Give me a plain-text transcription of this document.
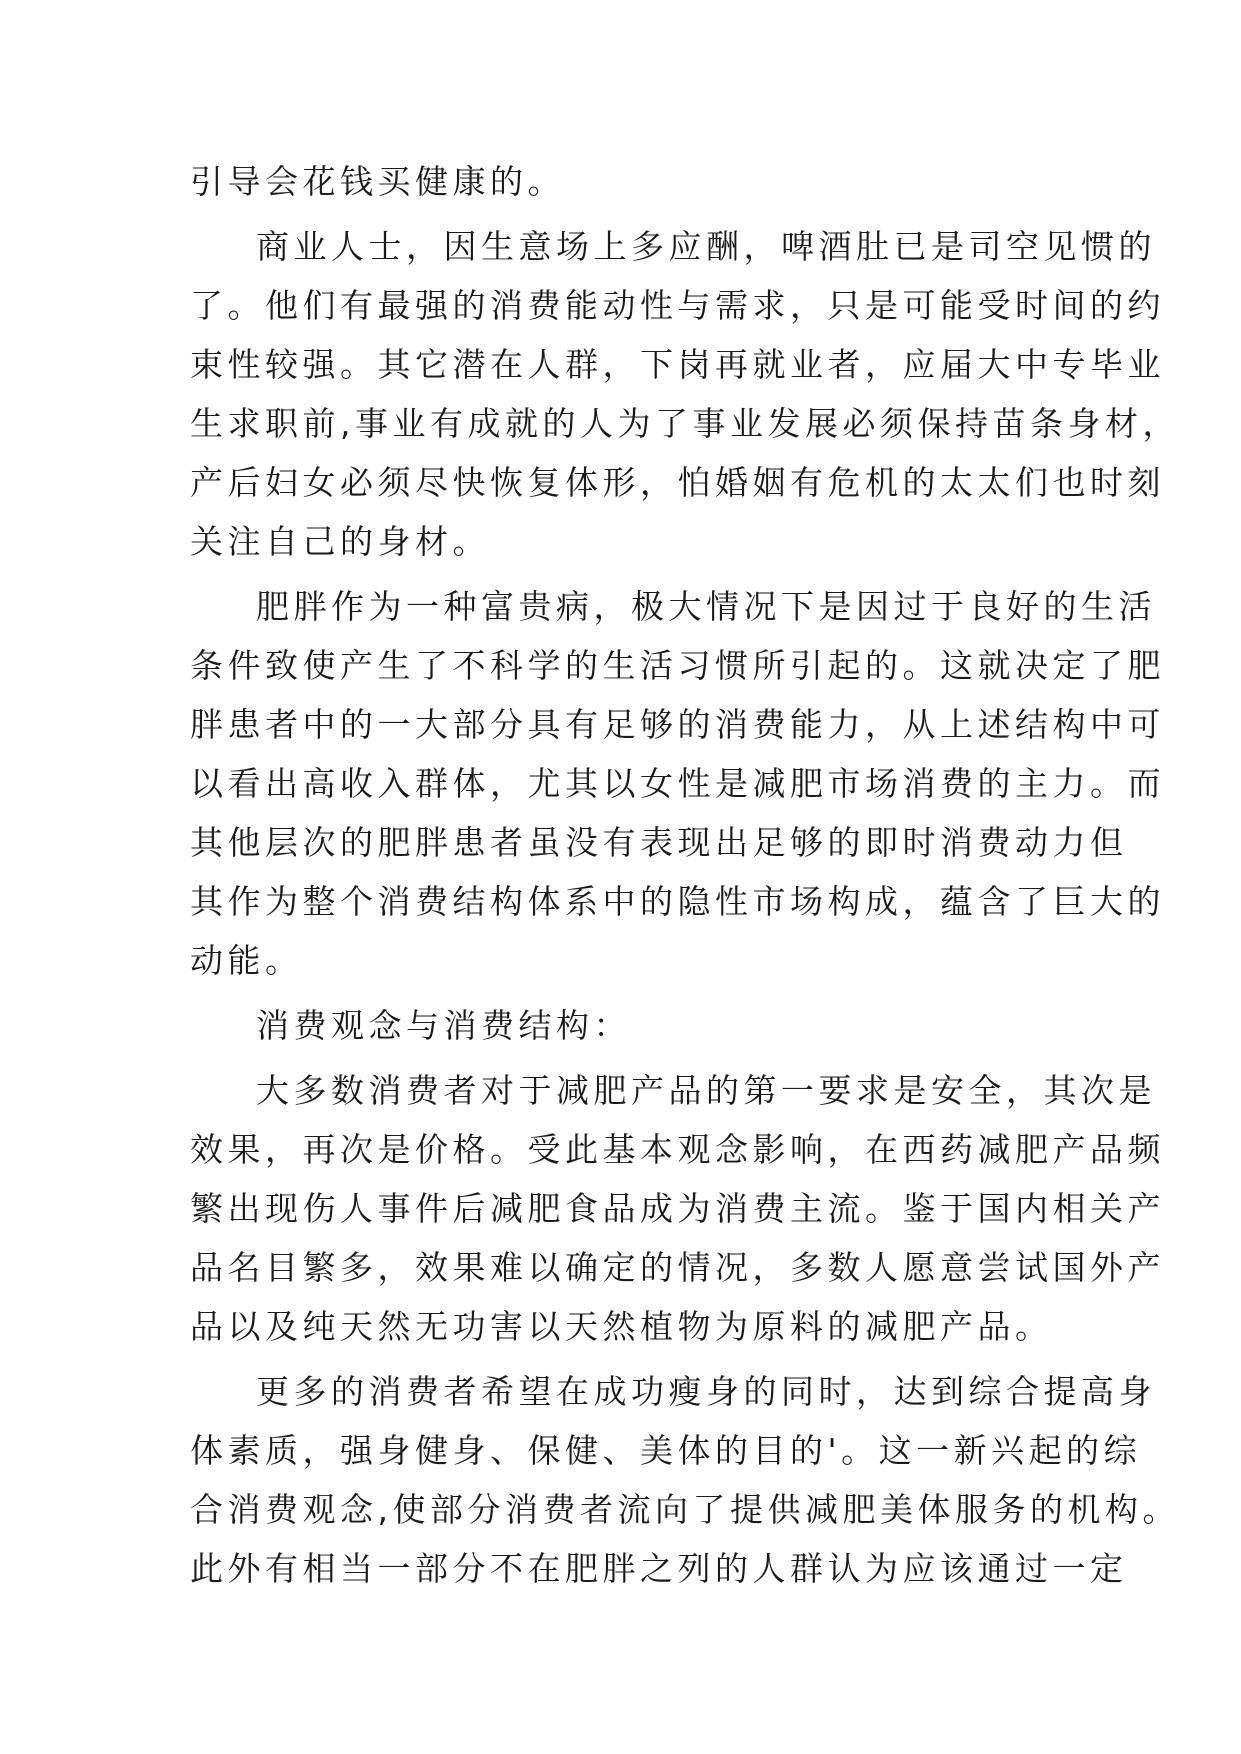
引导会花钱买健康的。
商业人士，因生意场上多应酬，啤酒肚已是司空见惯的
了。他们有最强的消费能动性与需求，只是可能受时间的约
束性较强。其它潜在人群，下岗再就业者，应届大中专毕业
生求职前,事业有成就的人为了事业发展必须保持苗条身材，
产后妇女必须尽快恢复体形，怕婚姻有危机的太太们也时刻
关注自己的身材。
肥胖作为一种富贵病，极大情况下是因过于良好的生活
条件致使产生了不科学的生活习惯所引起的。这就决定了肥
胖患者中的一大部分具有足够的消费能力，从上述结构中可
以看出高收入群体，尤其以女性是减肥市场消费的主力。而
其他层次的肥胖患者虽没有表现出足够的即时消费动力但
其作为整个消费结构体系中的隐性市场构成，蕴含了巨大的
动能。
消费观念与消费结构：
大多数消费者对于减肥产品的第一要求是安全，其次是
效果，再次是价格。受此基本观念影响，在西药减肥产品频
繁出现伤人事件后减肥食品成为消费主流。鉴于国内相关产
品名目繁多，效果难以确定的情况，多数人愿意尝试国外产
品以及纯天然无功害以天然植物为原料的减肥产品。
更多的消费者希望在成功瘦身的同时，达到综合提高身
体素质，强身健身、保健、美体的目的'。这一新兴起的综
合消费观念,使部分消费者流向了提供减肥美体服务的机构。
此外有相当一部分不在肥胖之列的人群认为应该通过一定
